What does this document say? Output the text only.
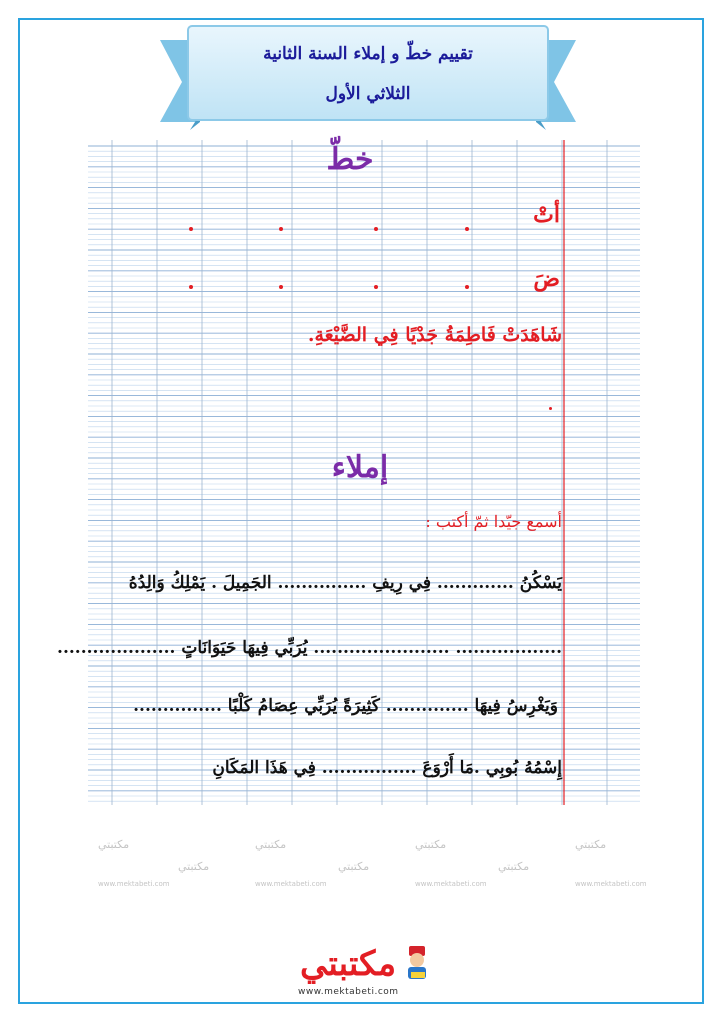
تقييم خطّ و إملاء السنة الثانية
الثلاثي الأول
مكتبتي	مكتبتي	مكتبتي	مكتبتي
مكتبتي	مكتبتي	مكتبتي
www.mektabeti.com	www.mektabeti.com	www.mektabeti.com	www.mektabeti.com
خطّ
أتْ
ضَ
شَاهَدَتْ فَاطِمَةُ جَدْيًا فِي الضَّيْعَةِ.
إملاء
أسمع جيّدا ثمّ أكتب :
يَسْكُنُ ............. فِي رِيفِ ............... الجَمِيلَ . يَمْلِكُ وَالِدُهُ
.................. ....................... يُرَبِّي فِيهَا حَيَوَانَاتٍ ....................
وَيَغْرِسُ فِيهَا .............. كَثِيرَةً يُرَبِّي عِصَامُ كَلْبًا ...............
إِسْمُهُ بُوبِي .مَا أَرْوَعَ ................ فِي هَذَا المَكَانِ
مكتبتي
www.mektabeti.com
